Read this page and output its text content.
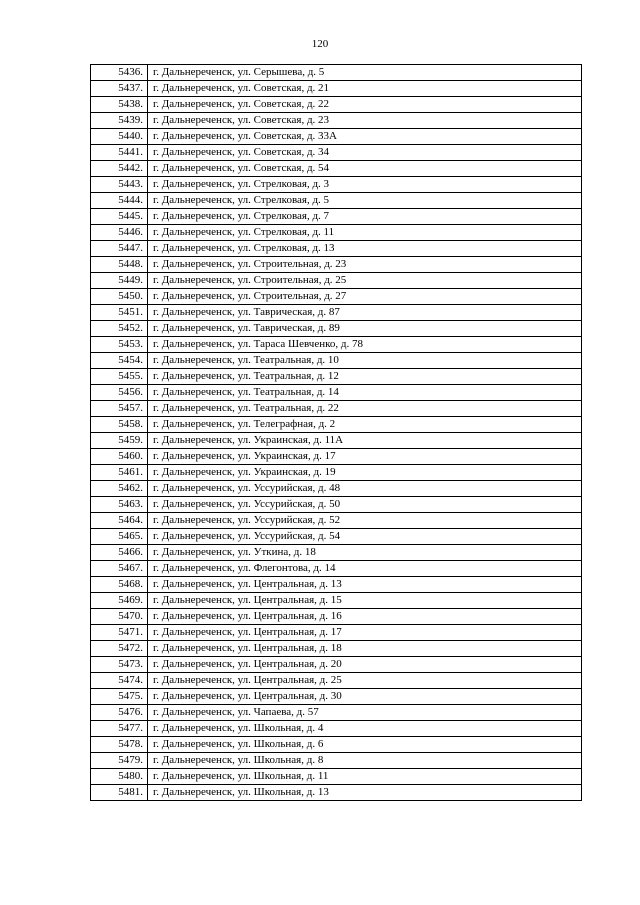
120
5436.	г. Дальнереченск, ул. Серышева, д. 5
5437.	г. Дальнереченск, ул. Советская, д. 21
5438.	г. Дальнереченск, ул. Советская, д. 22
5439.	г. Дальнереченск, ул. Советская, д. 23
5440.	г. Дальнереченск, ул. Советская, д. 33А
5441.	г. Дальнереченск, ул. Советская, д. 34
5442.	г. Дальнереченск, ул. Советская, д. 54
5443.	г. Дальнереченск, ул. Стрелковая, д. 3
5444.	г. Дальнереченск, ул. Стрелковая, д. 5
5445.	г. Дальнереченск, ул. Стрелковая, д. 7
5446.	г. Дальнереченск, ул. Стрелковая, д. 11
5447.	г. Дальнереченск, ул. Стрелковая, д. 13
5448.	г. Дальнереченск, ул. Строительная, д. 23
5449.	г. Дальнереченск, ул. Строительная, д. 25
5450.	г. Дальнереченск, ул. Строительная, д. 27
5451.	г. Дальнереченск, ул. Таврическая, д. 87
5452.	г. Дальнереченск, ул. Таврическая, д. 89
5453.	г. Дальнереченск, ул. Тараса Шевченко, д. 78
5454.	г. Дальнереченск, ул. Театральная, д. 10
5455.	г. Дальнереченск, ул. Театральная, д. 12
5456.	г. Дальнереченск, ул. Театральная, д. 14
5457.	г. Дальнереченск, ул. Театральная, д. 22
5458.	г. Дальнереченск, ул. Телеграфная, д. 2
5459.	г. Дальнереченск, ул. Украинская, д. 11А
5460.	г. Дальнереченск, ул. Украинская, д. 17
5461.	г. Дальнереченск, ул. Украинская, д. 19
5462.	г. Дальнереченск, ул. Уссурийская, д. 48
5463.	г. Дальнереченск, ул. Уссурийская, д. 50
5464.	г. Дальнереченск, ул. Уссурийская, д. 52
5465.	г. Дальнереченск, ул. Уссурийская, д. 54
5466.	г. Дальнереченск, ул. Уткина, д. 18
5467.	г. Дальнереченск, ул. Флегонтова, д. 14
5468.	г. Дальнереченск, ул. Центральная, д. 13
5469.	г. Дальнереченск, ул. Центральная, д. 15
5470.	г. Дальнереченск, ул. Центральная, д. 16
5471.	г. Дальнереченск, ул. Центральная, д. 17
5472.	г. Дальнереченск, ул. Центральная, д. 18
5473.	г. Дальнереченск, ул. Центральная, д. 20
5474.	г. Дальнереченск, ул. Центральная, д. 25
5475.	г. Дальнереченск, ул. Центральная, д. 30
5476.	г. Дальнереченск, ул. Чапаева, д. 57
5477.	г. Дальнереченск, ул. Школьная, д. 4
5478.	г. Дальнереченск, ул. Школьная, д. 6
5479.	г. Дальнереченск, ул. Школьная, д. 8
5480.	г. Дальнереченск, ул. Школьная, д. 11
5481.	г. Дальнереченск, ул. Школьная, д. 13
